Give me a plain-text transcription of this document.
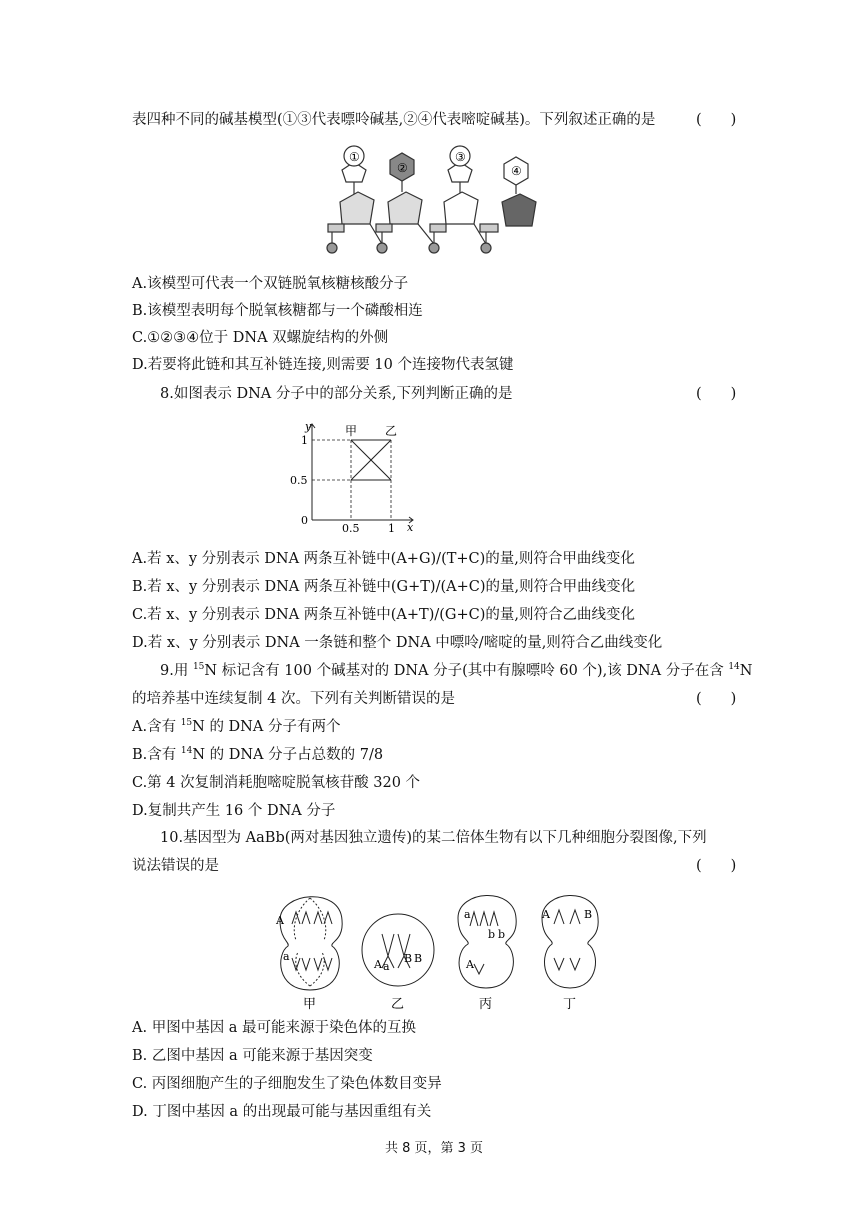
表四种不同的碱基模型(①③代表嘌呤碱基,②④代表嘧啶碱基)。下列叙述正确的是	(　　)
①
②
③
④
A.该模型可代表一个双链脱氧核糖核酸分子
B.该模型表明每个脱氧核糖都与一个磷酸相连
C.①②③④位于 DNA 双螺旋结构的外侧
D.若要将此链和其互补链连接,则需要 10 个连接物代表氢键
8.如图表示 DNA 分子中的部分关系,下列判断正确的是	(　　)
y
x
1
0.5
0
0.5	1
甲 乙
A.若 x、y 分别表示 DNA 两条互补链中(A+G)/(T+C)的量,则符合甲曲线变化
B.若 x、y 分别表示 DNA 两条互补链中(G+T)/(A+C)的量,则符合甲曲线变化
C.若 x、y 分别表示 DNA 两条互补链中(A+T)/(G+C)的量,则符合乙曲线变化
D.若 x、y 分别表示 DNA 一条链和整个 DNA 中嘌呤/嘧啶的量,则符合乙曲线变化
9.用 $^{15}$N 标记含有 100 个碱基对的 DNA 分子(其中有腺嘌呤 60 个),该 DNA 分子在含 $^{14}$N
的培养基中连续复制 4 次。下列有关判断错误的是	(　　)
A.含有 $^{15}$N 的 DNA 分子有两个
B.含有 $^{14}$N 的 DNA 分子占总数的 7/8
C.第 4 次复制消耗胞嘧啶脱氧核苷酸 320 个
D.复制共产生 16 个 DNA 分子
10.基因型为 AaBb(两对基因独立遗传)的某二倍体生物有以下几种细胞分裂图像,下列
说法错误的是	(　　)
A
a
A a
B B
a
b b
A
A	B
甲	乙	丙	丁
A. 甲图中基因 a 最可能来源于染色体的互换
B. 乙图中基因 a 可能来源于基因突变
C. 丙图细胞产生的子细胞发生了染色体数目变异
D. 丁图中基因 a 的出现最可能与基因重组有关
共 8 页，第 3 页
